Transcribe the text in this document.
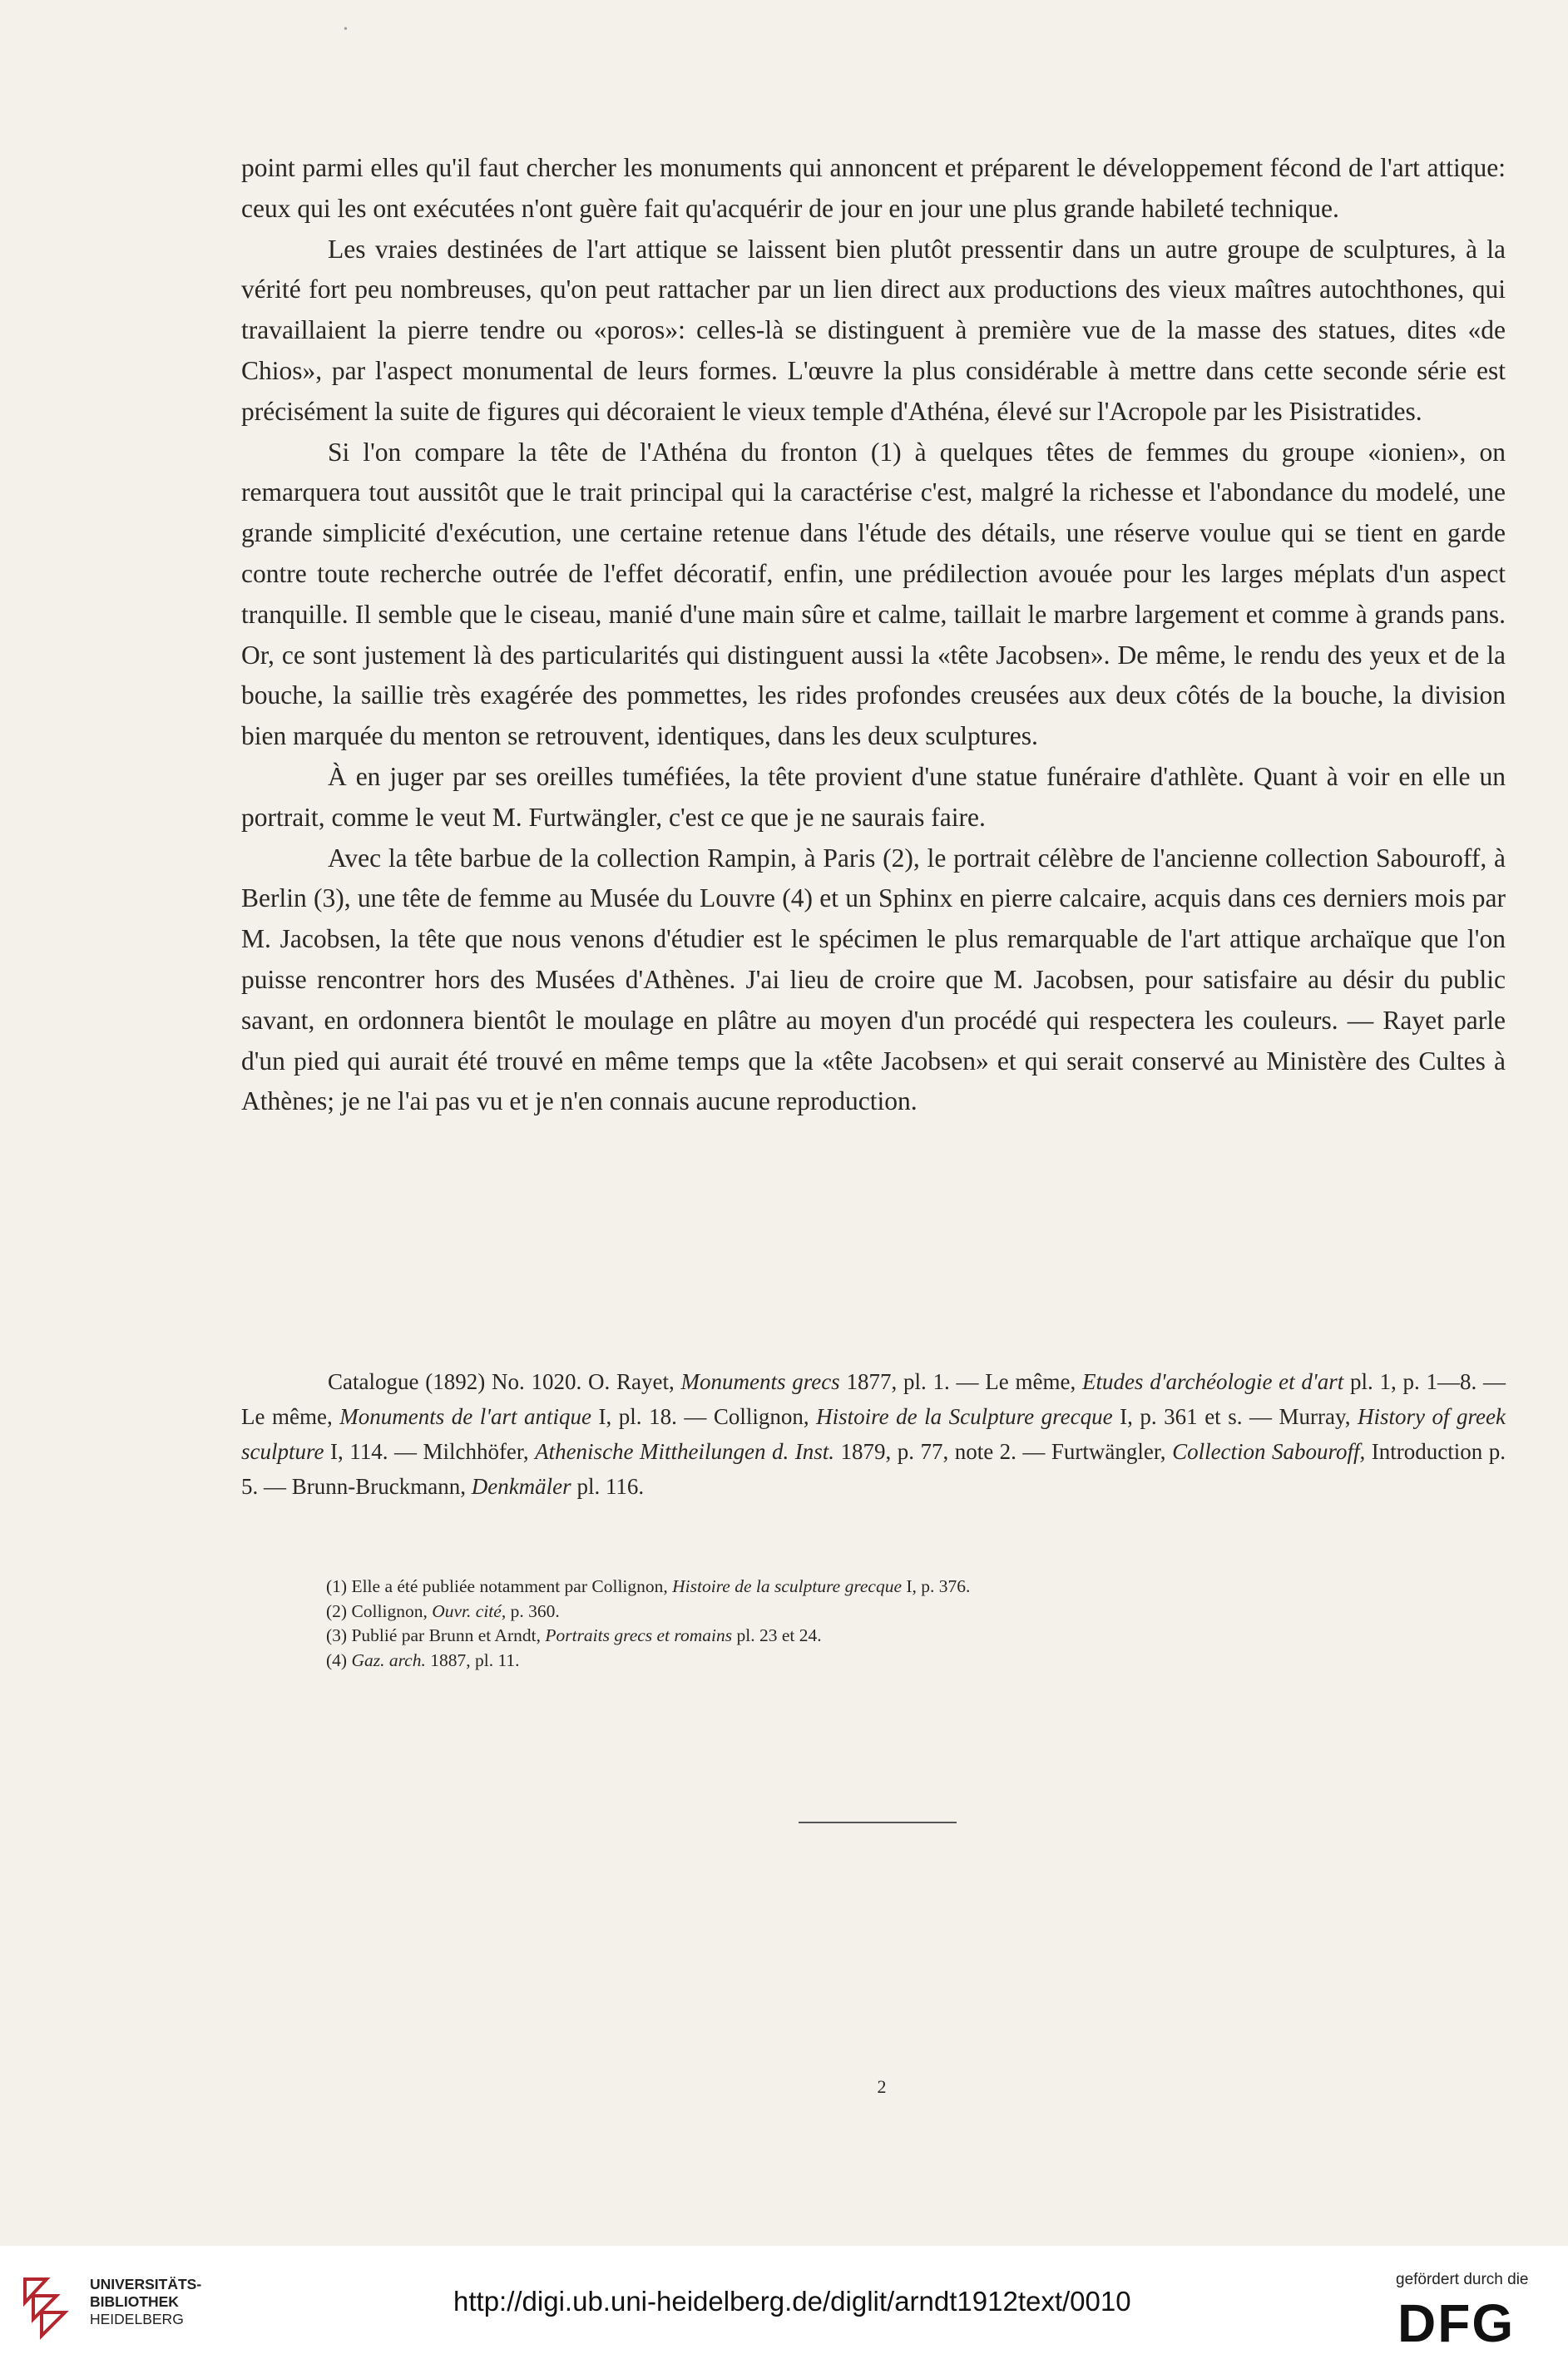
•

point parmi elles qu'il faut chercher les monuments qui annoncent et préparent le développement fécond de l'art attique: ceux qui les ont exécutées n'ont guère fait qu'acquérir de jour en jour une plus grande habileté technique.

Les vraies destinées de l'art attique se laissent bien plutôt pressentir dans un autre groupe de sculptures, à la vérité fort peu nombreuses, qu'on peut rattacher par un lien direct aux productions des vieux maîtres autochthones, qui travaillaient la pierre tendre ou «poros»: celles-là se distinguent à première vue de la masse des statues, dites «de Chios», par l'aspect monumental de leurs formes. L'œuvre la plus considérable à mettre dans cette seconde série est précisément la suite de figures qui décoraient le vieux temple d'Athéna, élevé sur l'Acropole par les Pisistratides.

Si l'on compare la tête de l'Athéna du fronton (1) à quelques têtes de femmes du groupe «ionien», on remarquera tout aussitôt que le trait principal qui la caractérise c'est, malgré la richesse et l'abondance du modelé, une grande simplicité d'exécution, une certaine retenue dans l'étude des détails, une réserve voulue qui se tient en garde contre toute recherche outrée de l'effet décoratif, enfin, une prédilection avouée pour les larges méplats d'un aspect tranquille. Il semble que le ciseau, manié d'une main sûre et calme, taillait le marbre largement et comme à grands pans. Or, ce sont justement là des particularités qui distinguent aussi la «tête Jacobsen». De même, le rendu des yeux et de la bouche, la saillie très exagérée des pommettes, les rides profondes creusées aux deux côtés de la bouche, la division bien marquée du menton se retrouvent, identiques, dans les deux sculptures.

À en juger par ses oreilles tuméfiées, la tête provient d'une statue funéraire d'athlète. Quant à voir en elle un portrait, comme le veut M. Furtwängler, c'est ce que je ne saurais faire.

Avec la tête barbue de la collection Rampin, à Paris (2), le portrait célèbre de l'ancienne collection Sabouroff, à Berlin (3), une tête de femme au Musée du Louvre (4) et un Sphinx en pierre calcaire, acquis dans ces derniers mois par M. Jacobsen, la tête que nous venons d'étudier est le spécimen le plus remarquable de l'art attique archaïque que l'on puisse rencontrer hors des Musées d'Athènes. J'ai lieu de croire que M. Jacobsen, pour satisfaire au désir du public savant, en ordonnera bientôt le moulage en plâtre au moyen d'un procédé qui respectera les couleurs. — Rayet parle d'un pied qui aurait été trouvé en même temps que la «tête Jacobsen» et qui serait conservé au Ministère des Cultes à Athènes; je ne l'ai pas vu et je n'en connais aucune reproduction.

Catalogue (1892) No. 1020. O. Rayet, Monuments grecs 1877, pl. 1. — Le même, Etudes d'archéologie et d'art pl. 1, p. 1—8. — Le même, Monuments de l'art antique I, pl. 18. — Collignon, Histoire de la Sculpture grecque I, p. 361 et s. — Murray, History of greek sculpture I, 114. — Milchhöfer, Athenische Mittheilungen d. Inst. 1879, p. 77, note 2. — Furtwängler, Collection Sabouroff, Introduction p. 5. — Brunn-Bruckmann, Denkmäler pl. 116.
(1) Elle a été publiée notamment par Collignon, Histoire de la sculpture grecque I, p. 376.
(2) Collignon, Ouvr. cité, p. 360.
(3) Publié par Brunn et Arndt, Portraits grecs et romains pl. 23 et 24.
(4) Gaz. arch. 1887, pl. 11.
2
UNIVERSITÄTS-
BIBLIOTHEK
HEIDELBERG
http://digi.ub.uni-heidelberg.de/diglit/arndt1912text/0010
gefördert durch die
DFG
